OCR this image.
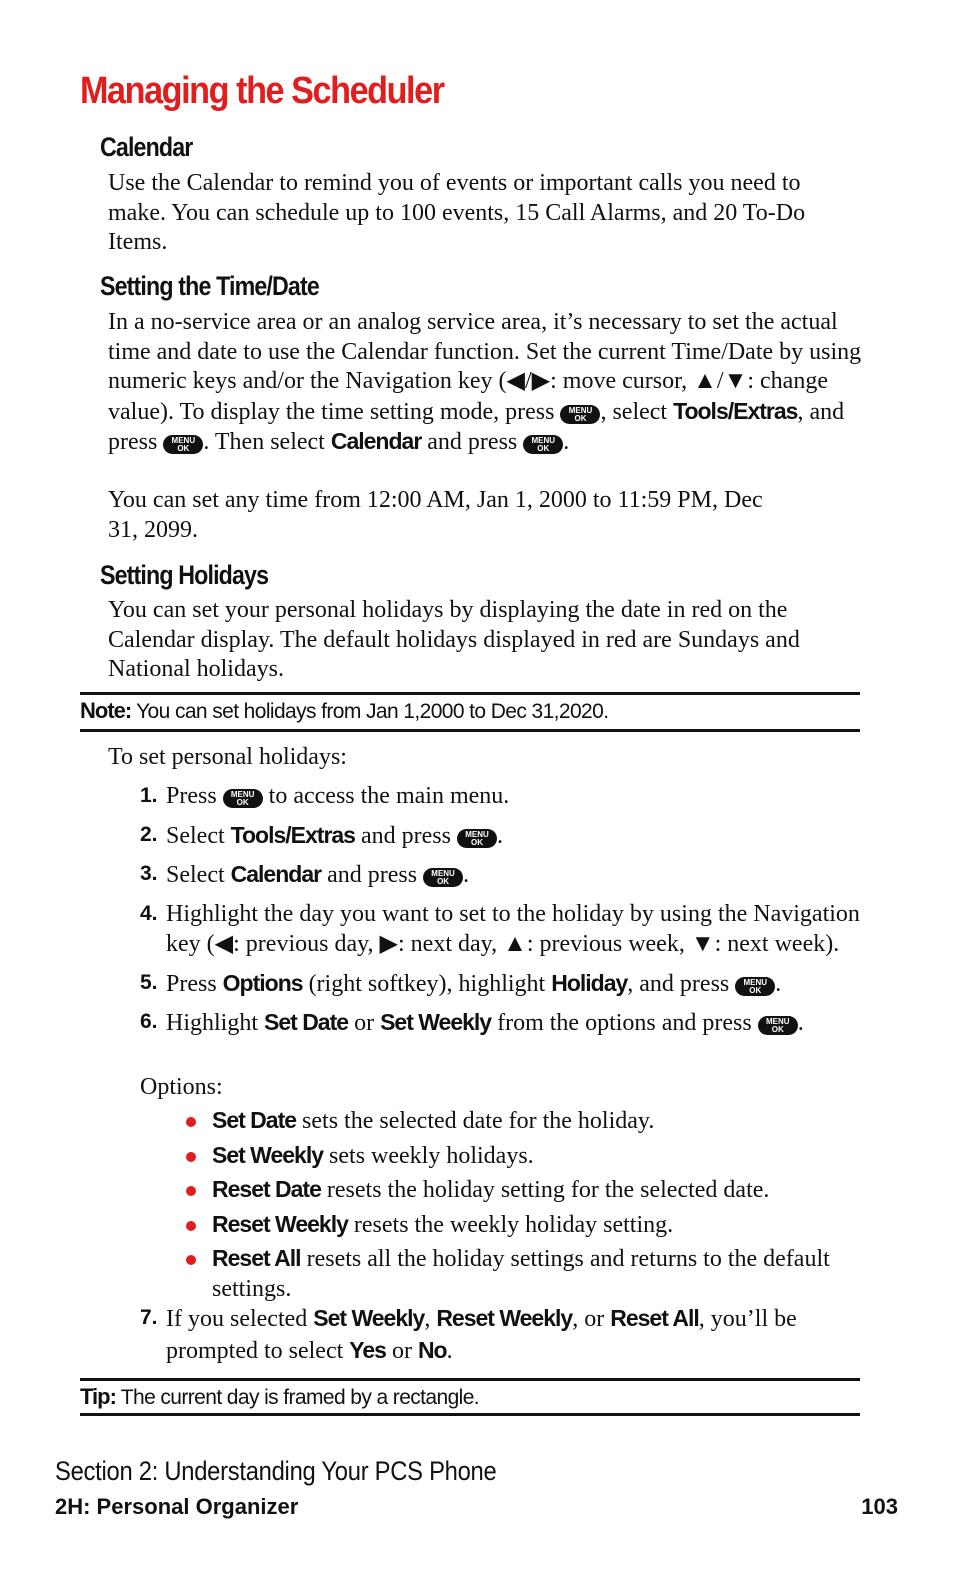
Managing the Scheduler
Calendar

Use the Calendar to remind you of events or important calls you need to make. You can schedule up to 100 events, 15 Call Alarms, and 20 To-Do Items.

Setting the Time/Date

In a no-service area or an analog service area, it’s necessary to set the actual time and date to use the Calendar function. Set the current Time/Date by using numeric keys and/or the Navigation key (◀/▶: move cursor, ▲/▼: change value). To display the time setting mode, press	MENU
OK , select Tools/Extras, and press	MENU
OK . Then select Calendar and press	MENU
OK .

You can set any time from 12:00 AM, Jan 1, 2000 to 11:59 PM, Dec 31, 2099.

Setting Holidays

You can set your personal holidays by displaying the date in red on the Calendar display. The default holidays displayed in red are Sundays and National holidays.

Note: You can set holidays from Jan 1,2000 to Dec 31,2020.

To set personal holidays:

1. Press	MENU
OK to access the main menu.
2. Select Tools/Extras and press	MENU
OK .
3. Select Calendar and press	MENU
OK .
4. Highlight the day you want to set to the holiday by using the Navigation key (◀: previous day, ▶: next day, ▲: previous week, ▼: next week).
5. Press Options (right softkey), highlight Holiday, and press	MENU
OK .
6. Highlight Set Date or Set Weekly from the options and press	MENU
OK .

Options:

Set Date sets the selected date for the holiday.
Set Weekly sets weekly holidays.
Reset Date resets the holiday setting for the selected date.
Reset Weekly resets the weekly holiday setting.
Reset All resets all the holiday settings and returns to the default settings.
7. If you selected Set Weekly, Reset Weekly, or Reset All, you’ll be prompted to select Yes or No.
Tip: The current day is framed by a rectangle.

Section 2: Understanding Your PCS Phone

2H: Personal Organizer	103
